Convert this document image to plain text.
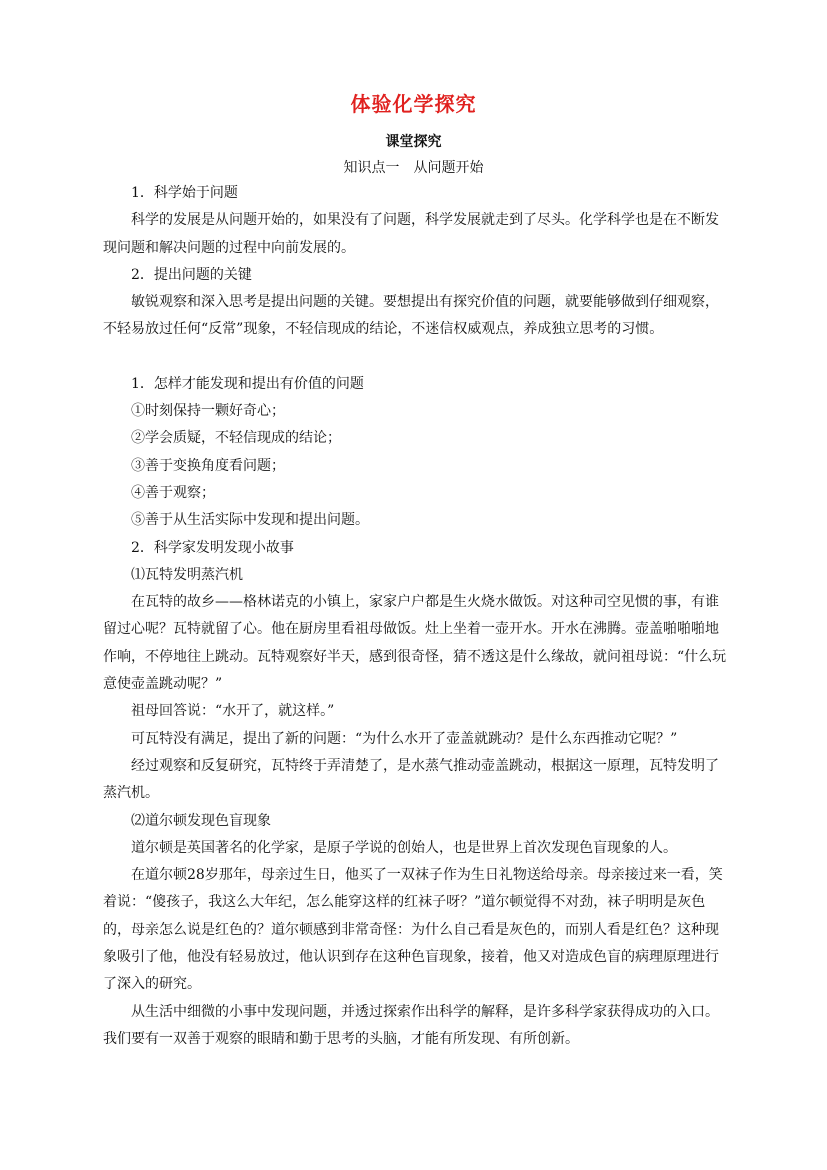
体验化学探究
课堂探究
知识点一　从问题开始

1．科学始于问题

科学的发展是从问题开始的，如果没有了问题，科学发展就走到了尽头。化学科学也是在不断发现问题和解决问题的过程中向前发展的。

2．提出问题的关键

敏锐观察和深入思考是提出问题的关键。要想提出有探究价值的问题，就要能够做到仔细观察，不轻易放过任何“反常”现象，不轻信现成的结论，不迷信权威观点，养成独立思考的习惯。

1．怎样才能发现和提出有价值的问题

①时刻保持一颗好奇心；

②学会质疑，不轻信现成的结论；

③善于变换角度看问题；

④善于观察；

⑤善于从生活实际中发现和提出问题。

2．科学家发明发现小故事

⑴瓦特发明蒸汽机

在瓦特的故乡——格林诺克的小镇上，家家户户都是生火烧水做饭。对这种司空见惯的事，有谁留过心呢？瓦特就留了心。他在厨房里看祖母做饭。灶上坐着一壶开水。开水在沸腾。壶盖啪啪啪地作响，不停地往上跳动。瓦特观察好半天，感到很奇怪，猜不透这是什么缘故，就问祖母说：“什么玩意使壶盖跳动呢？”

祖母回答说：“水开了，就这样。”

可瓦特没有满足，提出了新的问题：“为什么水开了壶盖就跳动？是什么东西推动它呢？”

经过观察和反复研究，瓦特终于弄清楚了，是水蒸气推动壶盖跳动，根据这一原理，瓦特发明了蒸汽机。

⑵道尔顿发现色盲现象

道尔顿是英国著名的化学家，是原子学说的创始人，也是世界上首次发现色盲现象的人。

在道尔顿28岁那年，母亲过生日，他买了一双袜子作为生日礼物送给母亲。母亲接过来一看，笑着说：“傻孩子，我这么大年纪，怎么能穿这样的红袜子呀？”道尔顿觉得不对劲，袜子明明是灰色的，母亲怎么说是红色的？道尔顿感到非常奇怪：为什么自己看是灰色的，而别人看是红色？这种现象吸引了他，他没有轻易放过，他认识到存在这种色盲现象，接着，他又对造成色盲的病理原理进行了深入的研究。

从生活中细微的小事中发现问题，并透过探索作出科学的解释，是许多科学家获得成功的入口。我们要有一双善于观察的眼睛和勤于思考的头脑，才能有所发现、有所创新。
